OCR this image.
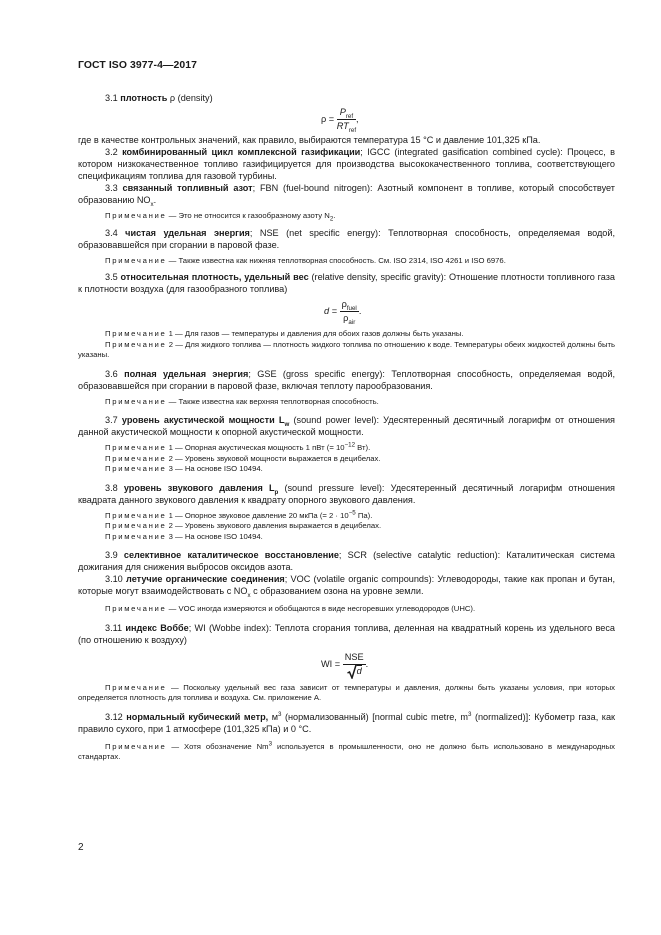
ГОСТ ISO 3977-4—2017

3.1 плотность ρ (density)

$\rho = \frac{P_{ref}}{RT_{ref}}$ ,

где в качестве контрольных значений, как правило, выбираются температура 15 °С и давление 101,325 кПа.

3.2 комбинированный цикл комплексной газификации; IGCC (integrated gasification combined cycle): Процесс, в котором низкокачественное топливо газифицируется для производства высококачественного топлива, соответствующего спецификациям топлива для газовой турбины.

3.3 связанный топливный азот; FBN (fuel-bound nitrogen): Азотный компонент в топливе, который способствует образованию $NO_x$.

Примечание — Это не относится к газообразному азоту $N_2$.

3.4 чистая удельная энергия; NSE (net specific energy): Теплотворная способность, определяемая водой, образовавшейся при сгорании в паровой фазе.

Примечание — Также известна как нижняя теплотворная способность. См. ISO 2314, ISO 4261 и ISO 6976.

3.5 относительная плотность, удельный вес (relative density, specific gravity): Отношение плотности топливного газа к плотности воздуха (для газообразного топлива)

$d = \frac{\rho_{fuel}}{\rho_{air}}$ .

Примечание 1 — Для газов — температуры и давления для обоих газов должны быть указаны.

Примечание 2 — Для жидкого топлива — плотность жидкого топлива по отношению к воде. Температуры обеих жидкостей должны быть указаны.

3.6 полная удельная энергия; GSE (gross specific energy): Теплотворная способность, определяемая водой, образовавшейся при сгорании в паровой фазе, включая теплоту парообразования.

Примечание — Также известна как верхняя теплотворная способность.

3.7 уровень акустической мощности $L_w$ (sound power level): Удесятеренный десятичный логарифм от отношения данной акустической мощности к опорной акустической мощности.

Примечание 1 — Опорная акустическая мощность 1 пВт (= $10^{-12}$ Вт).

Примечание 2 — Уровень звуковой мощности выражается в децибелах.

Примечание 3 — На основе ISO 10494.

3.8 уровень звукового давления $L_p$ (sound pressure level): Удесятеренный десятичный логарифм отношения квадрата данного звукового давления к квадрату опорного звукового давления.

Примечание 1 — Опорное звуковое давление 20 мкПа (= $2 \cdot 10^{-5}$ Па).

Примечание 2 — Уровень звукового давления выражается в децибелах.

Примечание 3 — На основе ISO 10494.

3.9 селективное каталитическое восстановление; SCR (selective catalytic reduction): Каталитическая система дожигания для снижения выбросов оксидов азота.

3.10 летучие органические соединения; VOC (volatile organic compounds): Углеводороды, такие как пропан и бутан, которые могут взаимодействовать с $NO_x$ с образованием озона на уровне земли.

Примечание — VOC иногда измеряются и обобщаются в виде несгоревших углеводородов (UHC).

3.11 индекс Воббе; WI (Wobbe index): Теплота сгорания топлива, деленная на квадратный корень из удельного веса (по отношению к воздуху)

WI = $\frac{\text{NSE}}{d}$ .

Примечание — Поскольку удельный вес газа зависит от температуры и давления, должны быть указаны условия, при которых определяется плотность для топлива и воздуха. См. приложение А.

3.12 нормальный кубический метр, $м^3$ (нормализованный) [normal cubic metre, $m^3$ (normalized)]: Кубометр газа, как правило сухого, при 1 атмосфере (101,325 кПа) и 0 °С.

Примечание — Хотя обозначение Nm$^3$ используется в промышленности, оно не должно быть использовано в международных стандартах.

2
